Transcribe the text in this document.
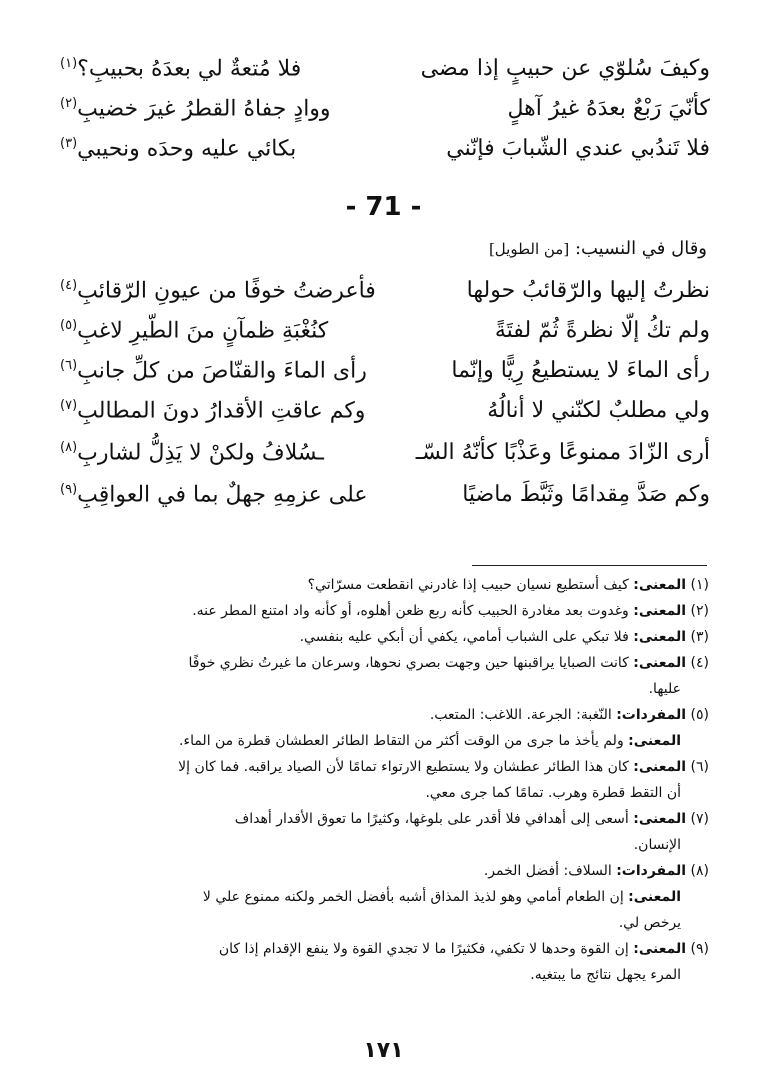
وكيفَ سُلوّي عن حبيبٍ إذا مضى
فلا مُتعةٌ لي بعدَهُ بحبيبِ؟$^{(١)}$
كأنّيَ رَبْعٌ بعدَهُ غيرُ آهلٍ
ووادٍ جفاهُ القطرُ غيرَ خضيبِ$^{(٢)}$
فلا تَندُبي عندي الشّبابَ فإنّني
بكائي عليه وحدَه ونحيبي$^{(٣)}$
- 71 -
وقال في النسيب: [من الطويل]
نظرتُ إليها والرّقائبُ حولها
فأعرضتُ خوفًا من عيونِ الرّقائبِ$^{(٤)}$
ولم تكُ إلّا نظرةً ثُمّ لفتَةً
كنُغْبَةِ ظمآنٍ منَ الطّيرِ لاغبِ$^{(٥)}$
رأى الماءَ لا يستطيعُ رِيًّا وإنّما
رأى الماءَ والقنّاصَ من كلِّ جانبِ$^{(٦)}$
ولي مطلبٌ لكنّني لا أنالُهُ
وكم عاقتِ الأقدارُ دونَ المطالبِ$^{(٧)}$
أرى الزّادَ ممنوعًا وعَذْبًا كأنّهُ السّـ
ـسُلافُ ولكنْ لا يَذِلُّ لشاربِ$^{(٨)}$
وكم صَدَّ مِقدامًا وثَبَّطَ ماضيًا
على عزمِهِ جهلٌ بما في العواقِبِ$^{(٩)}$
(١) المعنى: كيف أستطيع نسيان حبيب إذا غادرني انقطعت مسرّاتي؟
(٢) المعنى: وغدوت بعد مغادرة الحبيب كأنه ربع ظعن أهلوه، أو كأنه واد امتنع المطر عنه.
(٣) المعنى: فلا تبكي على الشباب أمامي، يكفي أن أبكي عليه بنفسي.
(٤) المعنى: كانت الصبايا يراقبنها حين وجهت بصري نحوها، وسرعان ما غيرتُ نظري خوفًا
عليها.
(٥) المفردات: النّغبة: الجرعة. اللاغب: المتعب.
المعنى: ولم يأخذ ما جرى من الوقت أكثر من التقاط الطائر العطشان قطرة من الماء.
(٦) المعنى: كان هذا الطائر عطشان ولا يستطيع الارتواء تمامًا لأن الصياد يراقبه. فما كان إلا
أن التقط قطرة وهرب. تمامًا كما جرى معي.
(٧) المعنى: أسعى إلى أهدافي فلا أقدر على بلوغها، وكثيرًا ما تعوق الأقدار أهداف
الإنسان.
(٨) المفردات: السلاف: أفضل الخمر.
المعنى: إن الطعام أمامي وهو لذيذ المذاق أشبه بأفضل الخمر ولكنه ممنوع علي لا
يرخص لي.
(٩) المعنى: إن القوة وحدها لا تكفي، فكثيرًا ما لا تجدي القوة ولا ينفع الإقدام إذا كان
المرء يجهل نتائج ما يبتغيه.
١٧١
